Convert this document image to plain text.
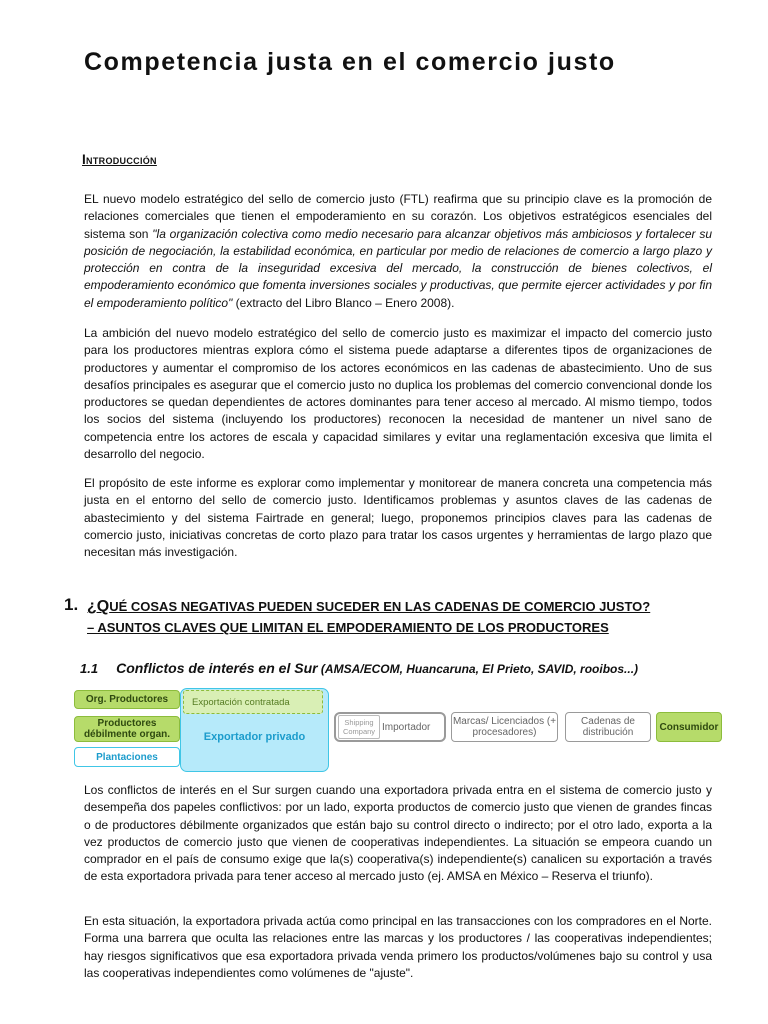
Competencia justa en el comercio justo
Introducción

EL nuevo modelo estratégico del sello de comercio justo (FTL) reafirma que su principio clave es la promoción de relaciones comerciales que tienen el empoderamiento en su corazón. Los objetivos estratégicos esenciales del sistema son "la organización colectiva como medio necesario para alcanzar objetivos más ambiciosos y fortalecer su posición de negociación, la estabilidad económica, en particular por medio de relaciones de comercio a largo plazo y protección en contra de la inseguridad excesiva del mercado, la construcción de bienes colectivos, el empoderamiento económico que fomenta inversiones sociales y productivas, que permite ejercer actividades y por fin el empoderamiento político" (extracto del Libro Blanco – Enero 2008).

La ambición del nuevo modelo estratégico del sello de comercio justo es maximizar el impacto del comercio justo para los productores mientras explora cómo el sistema puede adaptarse a diferentes tipos de organizaciones de productores y aumentar el compromiso de los actores económicos en las cadenas de abastecimiento. Uno de sus desafíos principales es asegurar que el comercio justo no duplica los problemas del comercio convencional donde los productores se quedan dependientes de actores dominantes para tener acceso al mercado. Al mismo tiempo, todos los socios del sistema (incluyendo los productores) reconocen la necesidad de mantener un nivel sano de competencia entre los actores de escala y capacidad similares y evitar una reglamentación excesiva que limita el desarrollo del negocio.

El propósito de este informe es explorar como implementar y monitorear de manera concreta una competencia más justa en el entorno del sello de comercio justo. Identificamos problemas y asuntos claves de las cadenas de abastecimiento y del sistema Fairtrade en general; luego, proponemos principios claves para las cadenas de comercio justo, iniciativas concretas de corto plazo para tratar los casos urgentes y herramientas de largo plazo que necesitan más investigación.

1. ¿QUÉ COSAS NEGATIVAS PUEDEN SUCEDER EN LAS CADENAS DE COMERCIO JUSTO?
– ASUNTOS CLAVES QUE LIMITAN EL EMPODERAMIENTO DE LOS PRODUCTORES
1.1 Conflictos de interés en el Sur (AMSA/ECOM, Huancaruna, El Prieto, SAVID, rooibos...)
Org. Productores
Productores débilmente organ.
Plantaciones
Exportación contratada
Exportador privado
Shipping Company Importador Marcas/ Licenciados (+ procesadores)
Cadenas de distribución	Consumidor

Los conflictos de interés en el Sur surgen cuando una exportadora privada entra en el sistema de comercio justo y desempeña dos papeles conflictivos: por un lado, exporta productos de comercio justo que vienen de grandes fincas o de productores débilmente organizados que están bajo su control directo o indirecto; por el otro lado, exporta a la vez productos de comercio justo que vienen de cooperativas independientes. La situación se empeora cuando un comprador en el país de consumo exige que la(s) cooperativa(s) independiente(s) canalicen su exportación a través de esta exportadora privada para tener acceso al mercado justo (ej. AMSA en México – Reserva el triunfo).

En esta situación, la exportadora privada actúa como principal en las transacciones con los compradores en el Norte. Forma una barrera que oculta las relaciones entre las marcas y los productores / las cooperativas independientes; hay riesgos significativos que esa exportadora privada venda primero los productos/volúmenes bajo su control y usa las cooperativas independientes como volúmenes de "ajuste".
